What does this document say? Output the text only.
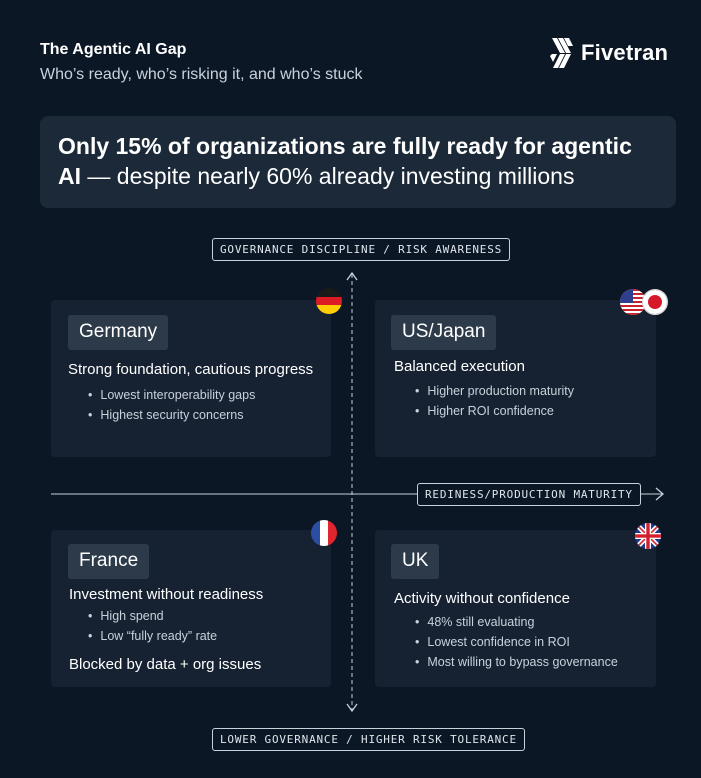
The Agentic AI Gap
Who’s ready, who’s risking it, and who’s stuck
Fivetran
Only 15% of organizations are fully ready for agentic AI — despite nearly 60% already investing millions
GOVERNANCE DISCIPLINE / RISK AWARENESS
LOWER GOVERNANCE / HIGHER RISK TOLERANCE
REDINESS/PRODUCTION MATURITY
Germany
Strong foundation, cautious progress
• Lowest interoperability gaps
• Highest security concerns
US/Japan
Balanced execution
• Higher production maturity
• Higher ROI confidence
France
Investment without readiness
• High spend
• Low “fully ready” rate
Blocked by data + org issues
UK
Activity without confidence
• 48% still evaluating
• Lowest confidence in ROI
• Most willing to bypass governance
